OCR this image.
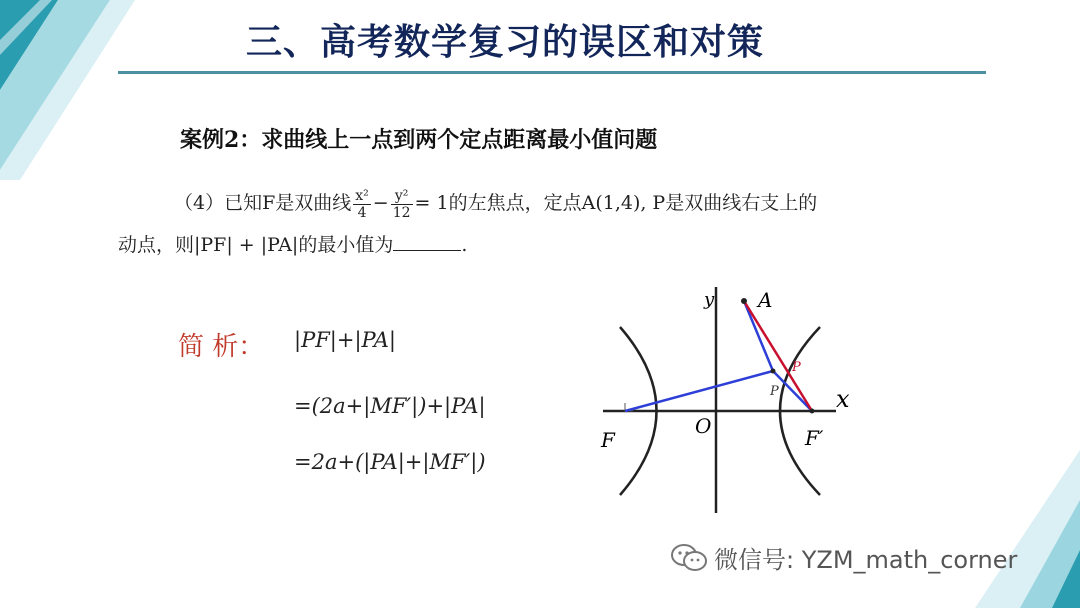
三、高考数学复习的误区和对策
案例2：求曲线上一点到两个定点距离最小值问题
（4）已知F是双曲线 $\frac{\text{x²}}{4} - \frac{\text{y²}}{12} = 1$的左焦点，定点A(1,4), P是双曲线右支上的
动点，则|PF| + |PA|的最小值为	.
简 析： |PF|+|PA|
=(2a+|MF′|)+|PA|
=2a+(|PA|+|MF′|)
y A
P
P x
O
F	F′
微信号: YZM_math_corner
